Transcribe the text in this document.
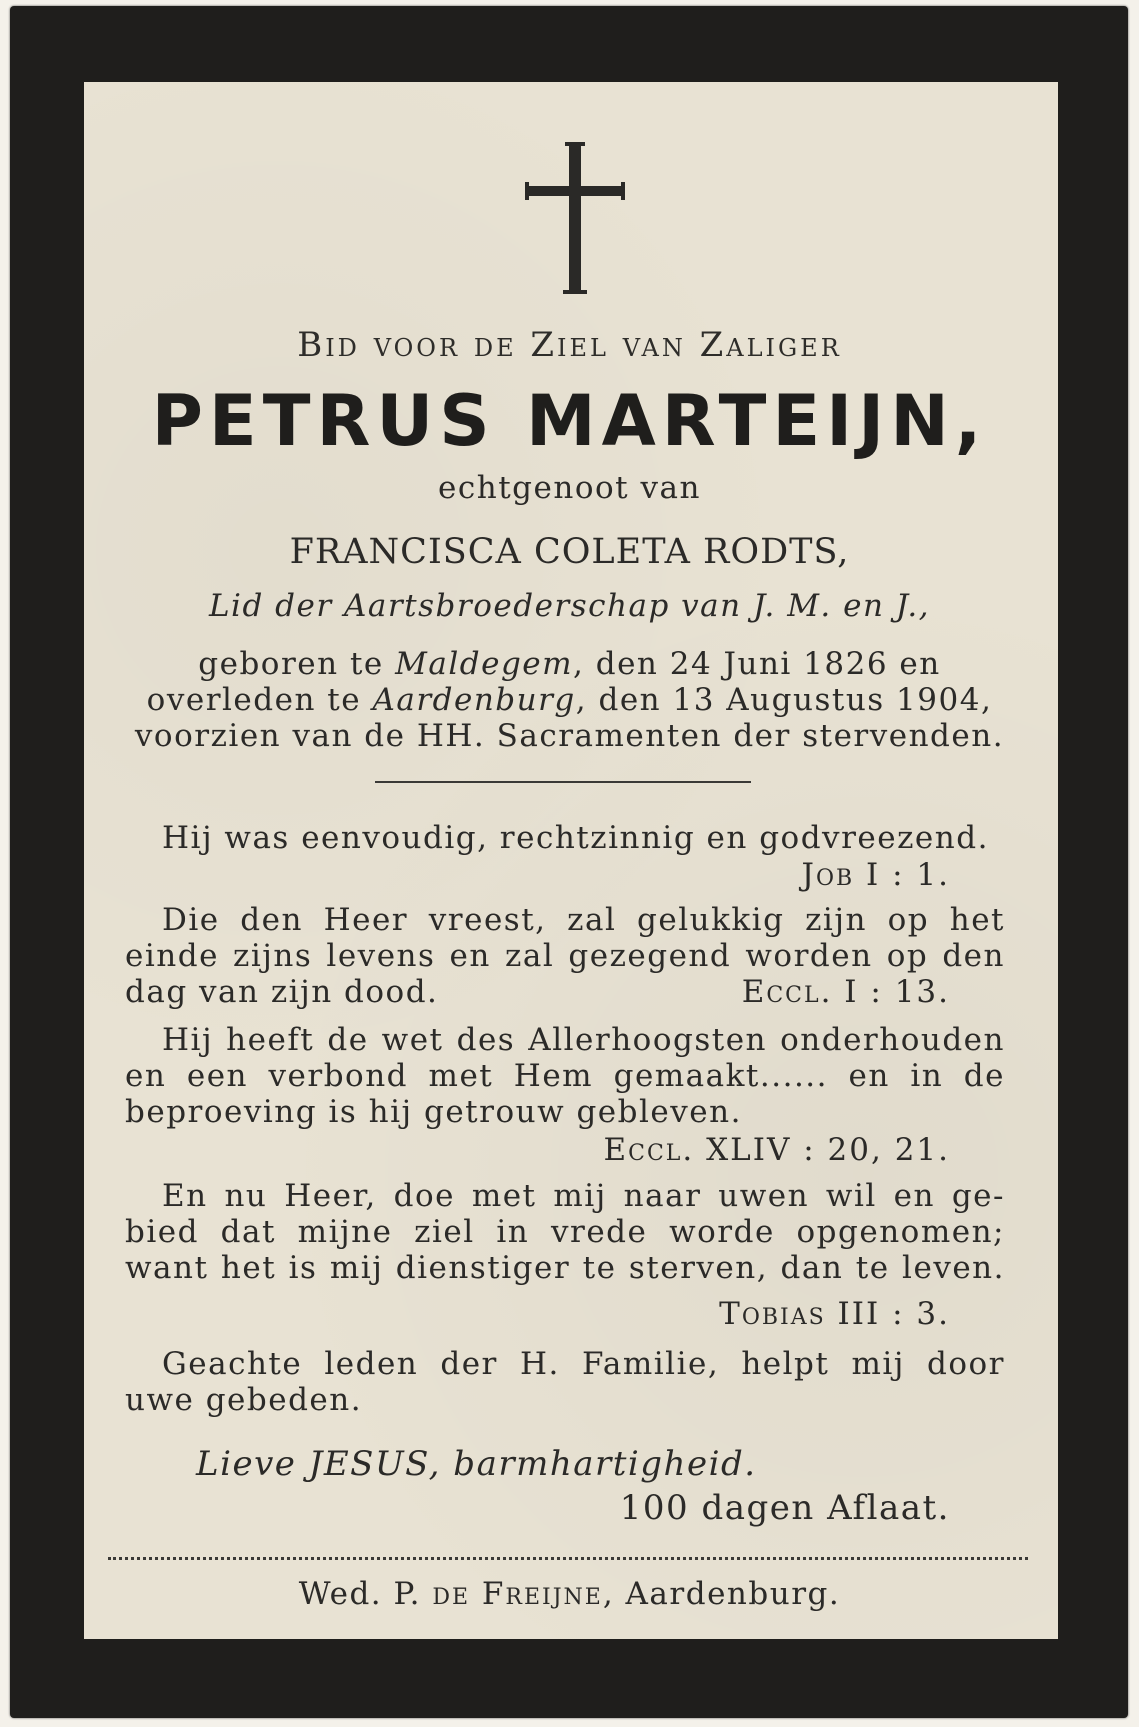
Bid voor de Ziel van Zaliger
PETRUS MARTEIJN,
echtgenoot van
FRANCISCA COLETA RODTS,
Lid der Aartsbroederschap van J. M. en J.,
geboren te Maldegem, den 24 Juni 1826 en
overleden te Aardenburg, den 13 Augustus 1904,
voorzien van de HH. Sacramenten der stervenden.
Hij was eenvoudig, rechtzinnig en godvreezend.
Job I : 1.
Die den Heer vreest, zal gelukkig zijn op het
einde zijns levens en zal gezegend worden op den
dag van zijn dood.	Eccl. I : 13.
Hij heeft de wet des Allerhoogsten onderhouden
en een verbond met Hem gemaakt...... en in de
beproeving is hij getrouw gebleven.
Eccl. XLIV : 20, 21.
En nu Heer, doe met mij naar uwen wil en ge-
bied dat mijne ziel in vrede worde opgenomen;
want het is mij dienstiger te sterven, dan te leven.
Tobias III : 3.
Geachte leden der H. Familie, helpt mij door
uwe gebeden.
Lieve JESUS, barmhartigheid.
100 dagen Aflaat.
Wed. P. de Freijne, Aardenburg.
